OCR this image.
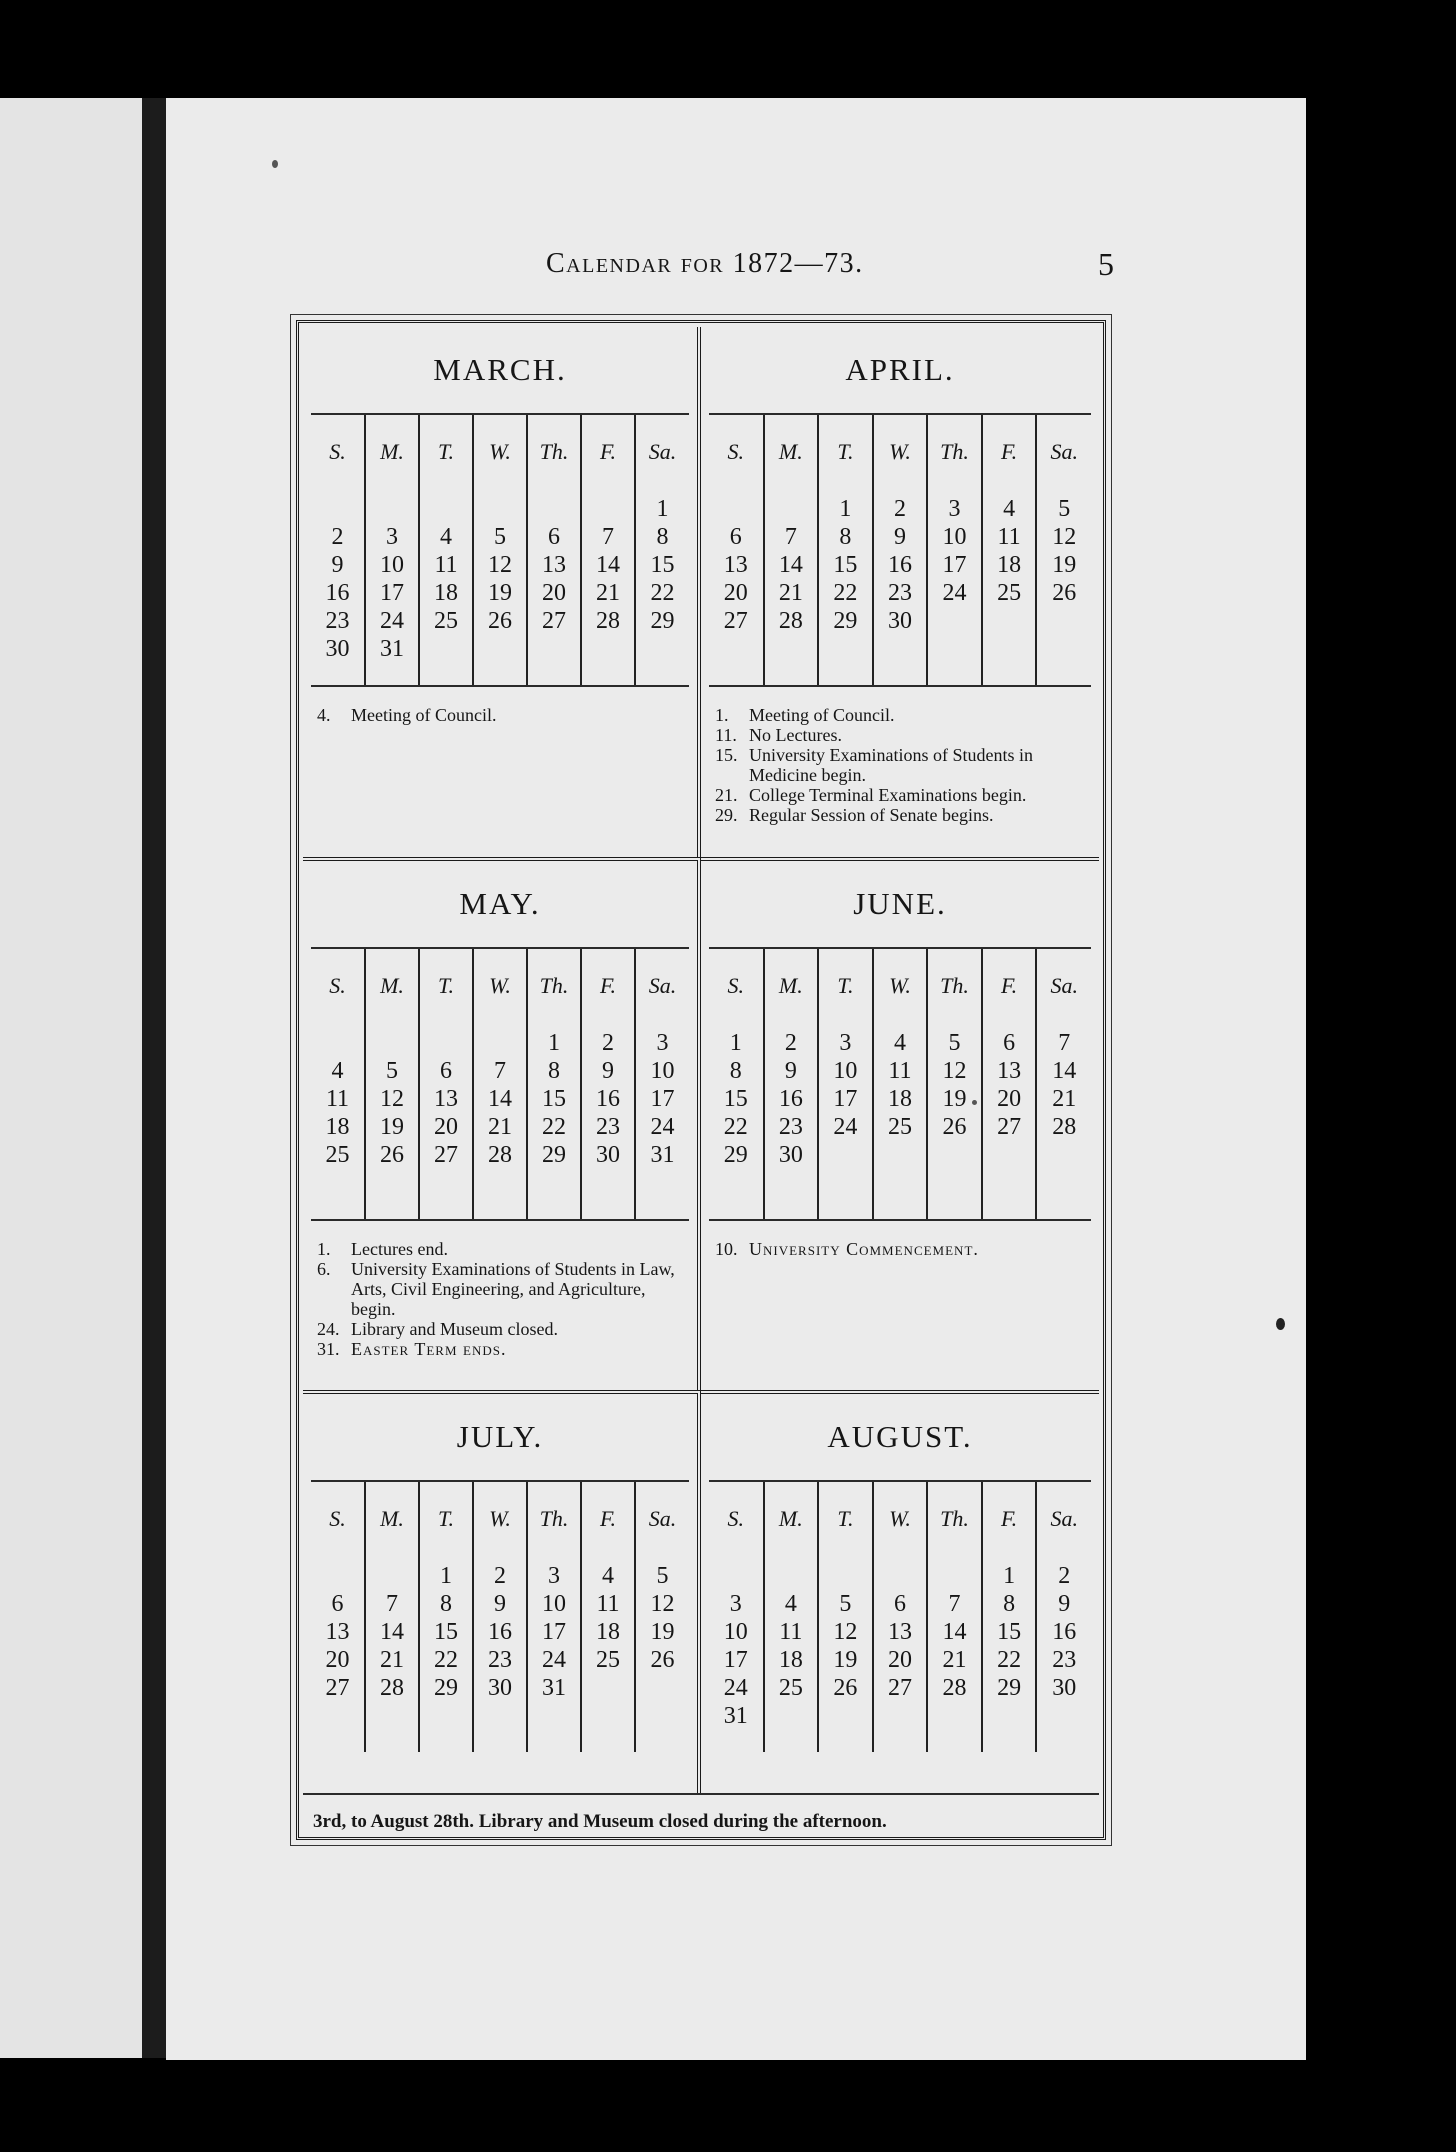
Calendar for 1872—73.	5
MARCH.
S.	M.	T.	W.	Th.	F.	Sa.
						1
2	3	4	5	6	7	8
9	10	11	12	13	14	15
16	17	18	19	20	21	22
23	24	25	26	27	28	29
30	31					

4.	Meeting of Council.
APRIL.
S.	M.	T.	W.	Th.	F.	Sa.
		1	2	3	4	5
6	7	8	9	10	11	12
13	14	15	16	17	18	19
20	21	22	23	24	25	26
27	28	29	30			

1.	Meeting of Council.
11. No Lectures.
15. University Examinations of Students in Medicine begin.
21. College Terminal Examinations begin.
29. Regular Session of Senate begins.
MAY.
S.	M.	T.	W.	Th.	F.	Sa.
				1	2	3
4	5	6	7	8	9	10
11	12	13	14	15	16	17
18	19	20	21	22	23	24
25	26	27	28	29	30	31

1.	Lectures end.
6.	University Examinations of Students in Law, Arts, Civil Engineering, and Agriculture, begin.
24. Library and Museum closed.
31. Easter Term ends.
JUNE.
S.	M.	T.	W.	Th.	F.	Sa.
1	2	3	4	5	6	7
8	9	10	11	12	13	14
15	16	17	18	19	20	21
22	23	24	25	26	27	28
29	30					

10. University Commencement.
JULY.
S.	M.	T.	W.	Th.	F.	Sa.
		1	2	3	4	5
6	7	8	9	10	11	12
13	14	15	16	17	18	19
20	21	22	23	24	25	26
27	28	29	30	31		

AUGUST.
S.	M.	T.	W.	Th.	F.	Sa.
					1	2
3	4	5	6	7	8	9
10	11	12	13	14	15	16
17	18	19	20	21	22	23
24	25	26	27	28	29	30
31						

3rd, to August 28th. Library and Museum closed during the afternoon.
